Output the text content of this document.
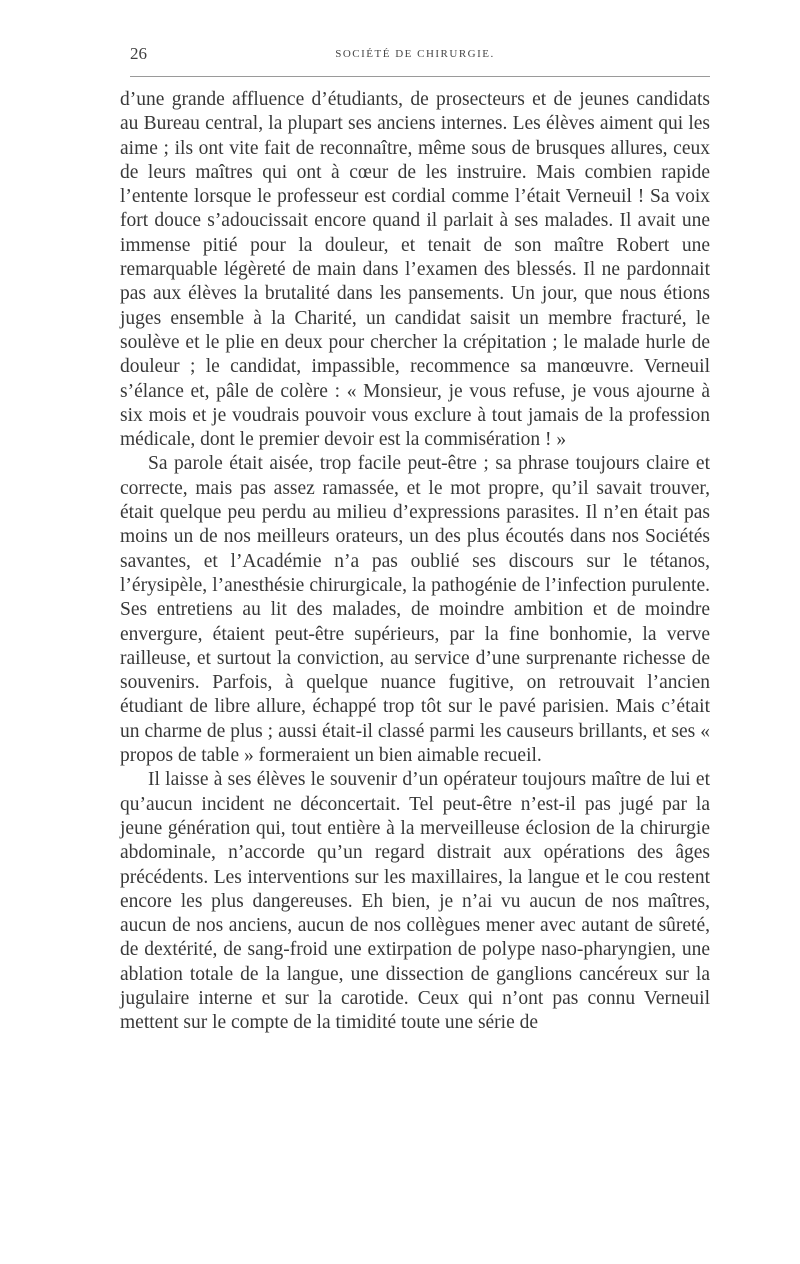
26	SOCIÉTÉ DE CHIRURGIE.

d’une grande affluence d’étudiants, de prosecteurs et de jeunes candidats au Bureau central, la plupart ses anciens internes. Les élèves aiment qui les aime ; ils ont vite fait de reconnaître, même sous de brusques allures, ceux de leurs maîtres qui ont à cœur de les instruire. Mais combien rapide l’entente lorsque le professeur est cordial comme l’était Verneuil ! Sa voix fort douce s’adoucissait encore quand il parlait à ses malades. Il avait une immense pitié pour la douleur, et tenait de son maître Robert une remarquable légèreté de main dans l’examen des blessés. Il ne pardonnait pas aux élèves la brutalité dans les pansements. Un jour, que nous étions juges ensemble à la Charité, un candidat saisit un membre fracturé, le soulève et le plie en deux pour chercher la crépitation ; le malade hurle de douleur ; le candidat, impassible, recommence sa manœuvre. Verneuil s’élance et, pâle de colère : « Monsieur, je vous refuse, je vous ajourne à six mois et je voudrais pouvoir vous exclure à tout jamais de la profession médicale, dont le premier devoir est la commisération ! »

Sa parole était aisée, trop facile peut-être ; sa phrase toujours claire et correcte, mais pas assez ramassée, et le mot propre, qu’il savait trouver, était quelque peu perdu au milieu d’expressions parasites. Il n’en était pas moins un de nos meilleurs orateurs, un des plus écoutés dans nos Sociétés savantes, et l’Académie n’a pas oublié ses discours sur le tétanos, l’érysipèle, l’anesthésie chirurgicale, la pathogénie de l’infection purulente. Ses entretiens au lit des malades, de moindre ambition et de moindre envergure, étaient peut-être supérieurs, par la fine bonhomie, la verve railleuse, et surtout la conviction, au service d’une surprenante richesse de souvenirs. Parfois, à quelque nuance fugitive, on retrouvait l’ancien étudiant de libre allure, échappé trop tôt sur le pavé parisien. Mais c’était un charme de plus ; aussi était-il classé parmi les causeurs brillants, et ses « propos de table » formeraient un bien aimable recueil.

Il laisse à ses élèves le souvenir d’un opérateur toujours maître de lui et qu’aucun incident ne déconcertait. Tel peut-être n’est-il pas jugé par la jeune génération qui, tout entière à la merveilleuse éclosion de la chirurgie abdominale, n’accorde qu’un regard distrait aux opérations des âges précédents. Les interventions sur les maxillaires, la langue et le cou restent encore les plus dangereuses. Eh bien, je n’ai vu aucun de nos maîtres, aucun de nos anciens, aucun de nos collègues mener avec autant de sûreté, de dextérité, de sang-froid une extirpation de polype naso-pharyngien, une ablation totale de la langue, une dissection de ganglions cancéreux sur la jugulaire interne et sur la carotide. Ceux qui n’ont pas connu Verneuil mettent sur le compte de la timidité toute une série de
